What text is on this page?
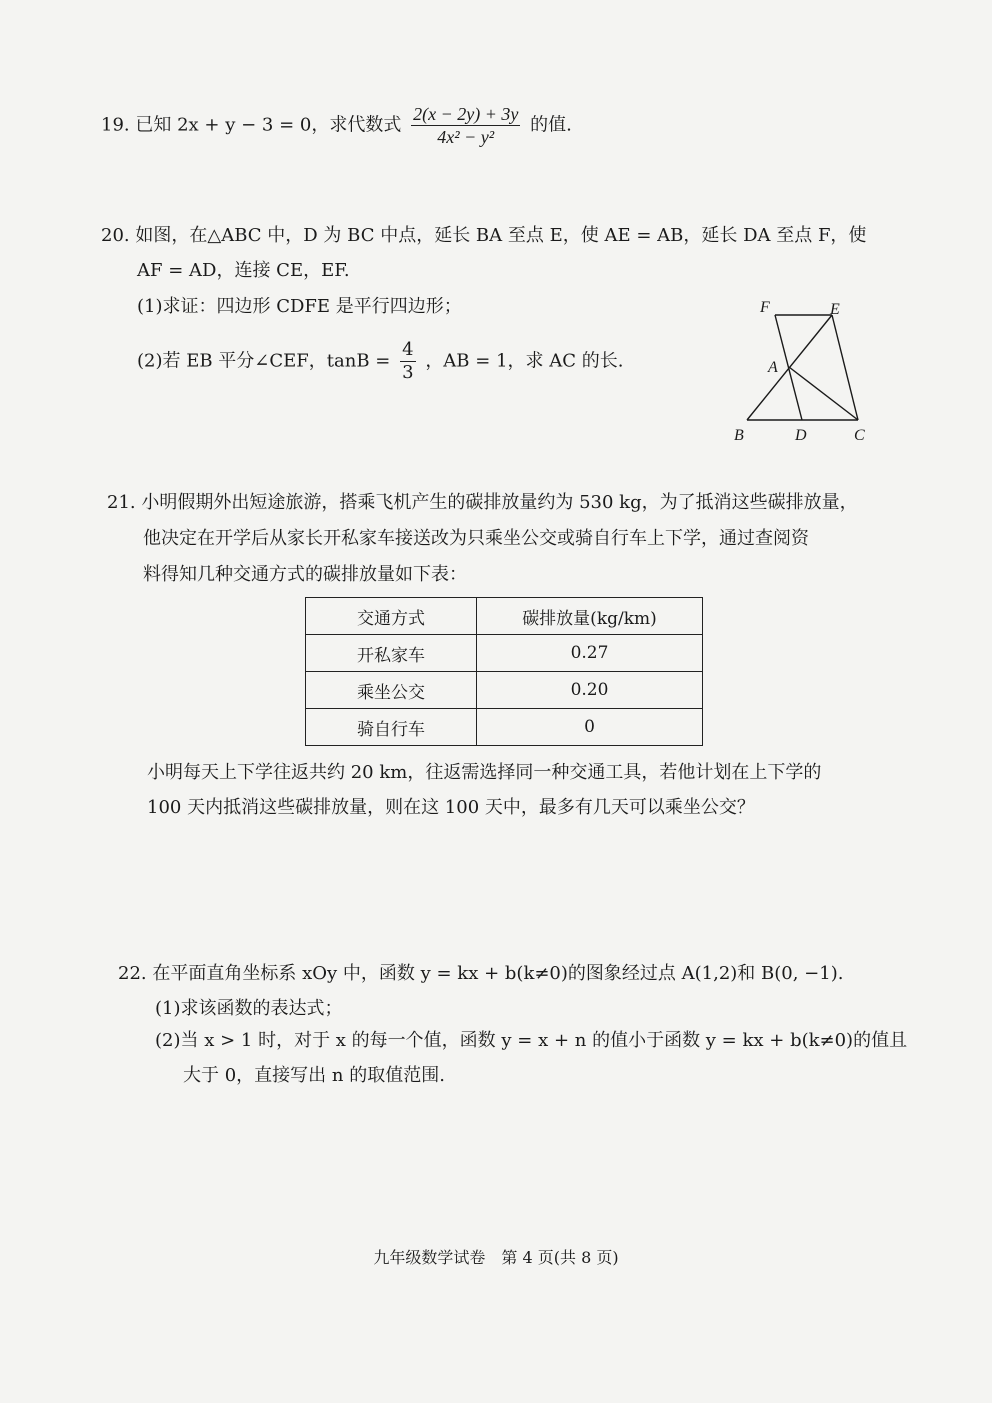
19. 已知 2x + y − 3 = 0，求代数式 $\frac{2(x - 2y) + 3y}{\text{4x² − y²}}$ 的值.
20. 如图，在△ABC 中，D 为 BC 中点，延长 BA 至点 E，使 AE = AB，延长 DA 至点 F，使
AF = AD，连接 CE，EF.
(1)求证：四边形 CDFE 是平行四边形；
(2)若 EB 平分∠CEF，$\tan B = \frac{4}{3}$ ，AB = 1，求 AC 的长.
F	E
A
B	D	C
21. 小明假期外出短途旅游，搭乘飞机产生的碳排放量约为 530 kg，为了抵消这些碳排放量，
他决定在开学后从家长开私家车接送改为只乘坐公交或骑自行车上下学，通过查阅资
料得知几种交通方式的碳排放量如下表：
交通方式	碳排放量(kg/km)
开私家车	0.27
乘坐公交	0.20
骑自行车	0
小明每天上下学往返共约 20 km，往返需选择同一种交通工具，若他计划在上下学的
100 天内抵消这些碳排放量，则在这 100 天中，最多有几天可以乘坐公交？
22. 在平面直角坐标系 xOy 中，函数 y = kx + b(k≠0)的图象经过点 A(1,2)和 B(0, −1).
(1)求该函数的表达式；
(2)当 x > 1 时，对于 x 的每一个值，函数 y = x + n 的值小于函数 y = kx + b(k≠0)的值且
大于 0，直接写出 n 的取值范围.
九年级数学试卷　第 4 页(共 8 页)
